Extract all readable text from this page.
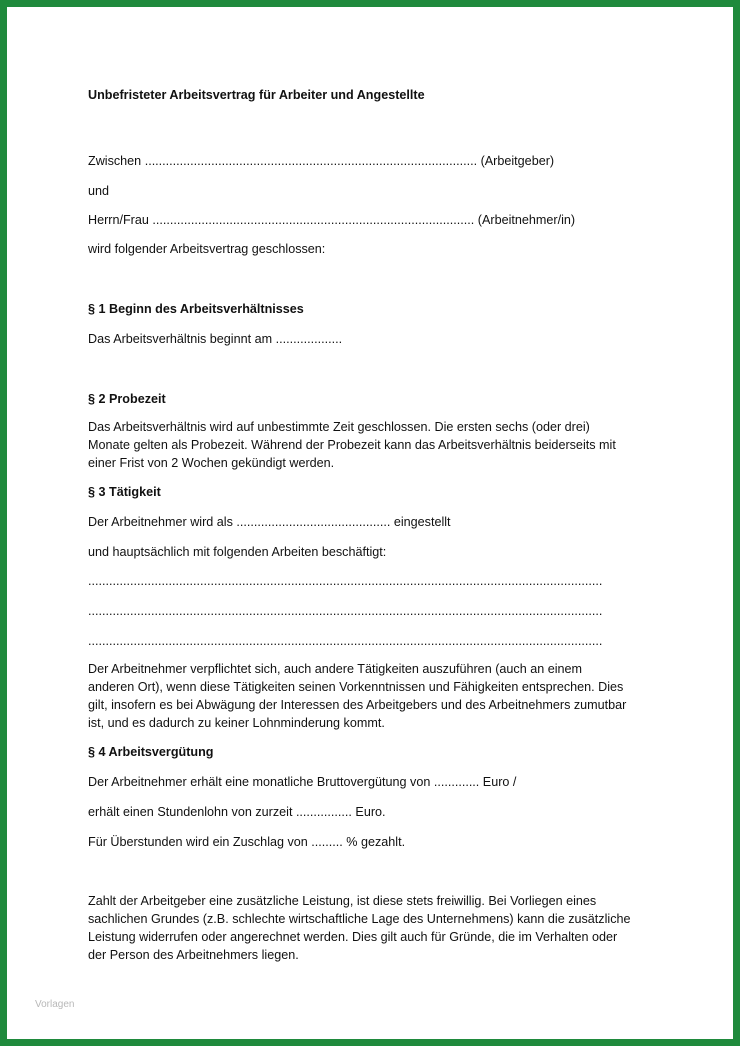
Unbefristeter Arbeitsvertrag für Arbeiter und Angestellte

Zwischen ............................................................................................... (Arbeitgeber)

und

Herrn/Frau ............................................................................................ (Arbeitnehmer/in)

wird folgender Arbeitsvertrag geschlossen:

§ 1 Beginn des Arbeitsverhältnisses

Das Arbeitsverhältnis beginnt am ...................

§ 2 Probezeit

Das Arbeitsverhältnis wird auf unbestimmte Zeit geschlossen. Die ersten sechs (oder drei)

Monate gelten als Probezeit. Während der Probezeit kann das Arbeitsverhältnis beiderseits mit

einer Frist von 2 Wochen gekündigt werden.

§ 3 Tätigkeit

Der Arbeitnehmer wird als ............................................ eingestellt

und hauptsächlich mit folgenden Arbeiten beschäftigt:

...................................................................................................................................................

...................................................................................................................................................

...................................................................................................................................................

Der Arbeitnehmer verpflichtet sich, auch andere Tätigkeiten auszuführen (auch an einem

anderen Ort), wenn diese Tätigkeiten seinen Vorkenntnissen und Fähigkeiten entsprechen. Dies

gilt, insofern es bei Abwägung der Interessen des Arbeitgebers und des Arbeitnehmers zumutbar

ist, und es dadurch zu keiner Lohnminderung kommt.

§ 4 Arbeitsvergütung

Der Arbeitnehmer erhält eine monatliche Bruttovergütung von ............. Euro /

erhält einen Stundenlohn von zurzeit ................ Euro.

Für Überstunden wird ein Zuschlag von ......... % gezahlt.

Zahlt der Arbeitgeber eine zusätzliche Leistung, ist diese stets freiwillig. Bei Vorliegen eines

sachlichen Grundes (z.B. schlechte wirtschaftliche Lage des Unternehmens) kann die zusätzliche

Leistung widerrufen oder angerechnet werden. Dies gilt auch für Gründe, die im Verhalten oder

der Person des Arbeitnehmers liegen.

Vorlagen
